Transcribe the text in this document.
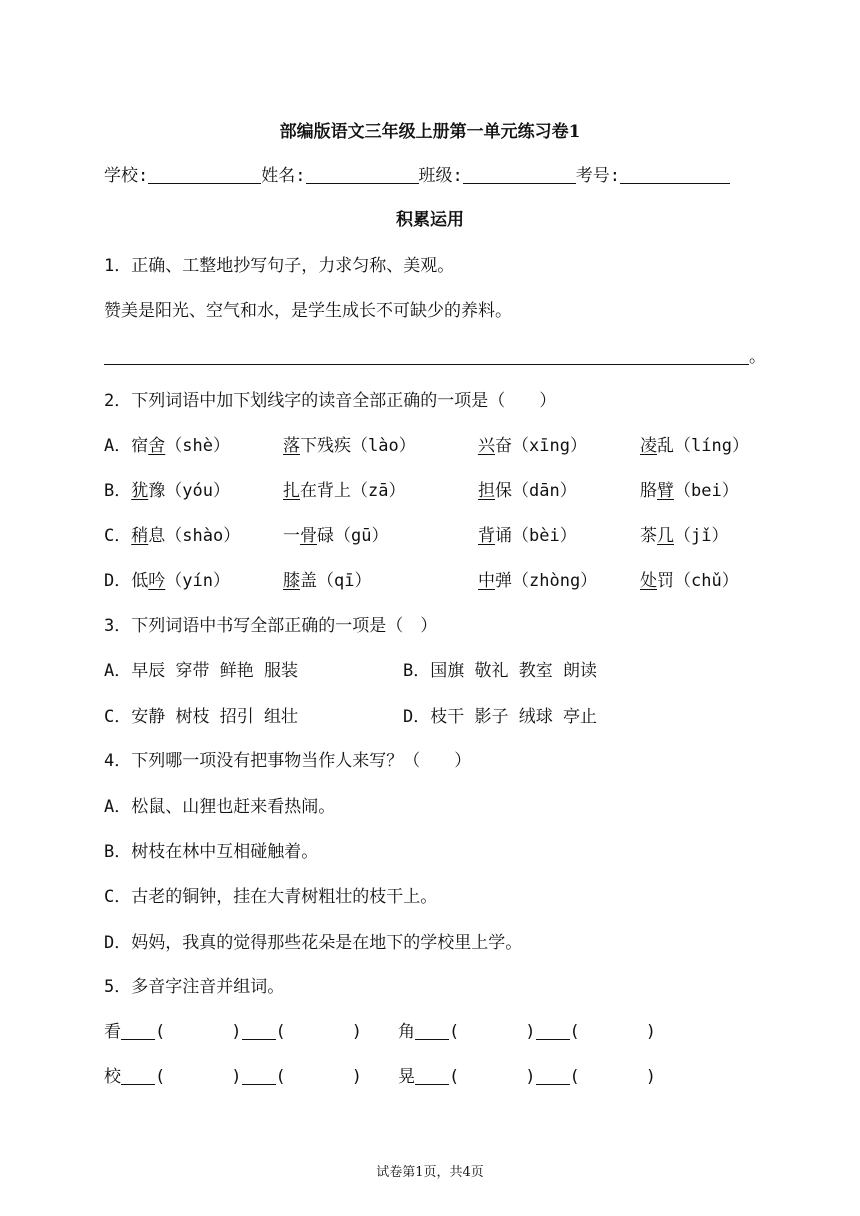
部编版语文三年级上册第一单元练习卷1
学校:	姓名:	班级:	考号:
积累运用
1．正确、工整地抄写句子，力求匀称、美观。
赞美是阳光、空气和水，是学生成长不可缺少的养料。
。
2．下列词语中加下划线字的读音全部正确的一项是（　　）
A．宿舍（shè）	落下残疾（lào）	兴奋（xīng）	凌乱（líng）
B．犹豫（yóu）	扎在背上（zā）	担保（dān）	胳臂（bei）
C．稍息（shào）	一骨碌（gū）	背诵（bèi）	茶几（jǐ）
D．低吟（yín）	膝盖（qī）	中弹（zhòng）	处罚（chǔ）
3．下列词语中书写全部正确的一项是（　）
A．早辰 穿带 鲜艳 服装	B．国旗 敬礼 教室 朗读
C．安静 树枝 招引 组壮	D．枝干 影子 绒球 亭止
4．下列哪一项没有把事物当作人来写？（　　）
A．松鼠、山狸也赶来看热闹。
B．树枝在林中互相碰触着。
C．古老的铜钟，挂在大青树粗壮的枝干上。
D．妈妈，我真的觉得那些花朵是在地下的学校里上学。
5．多音字注音并组词。
看 (	) (	) 角 (	) (	)
校 (	) (	) 晃 (	) (	)
试卷第1页，共4页
